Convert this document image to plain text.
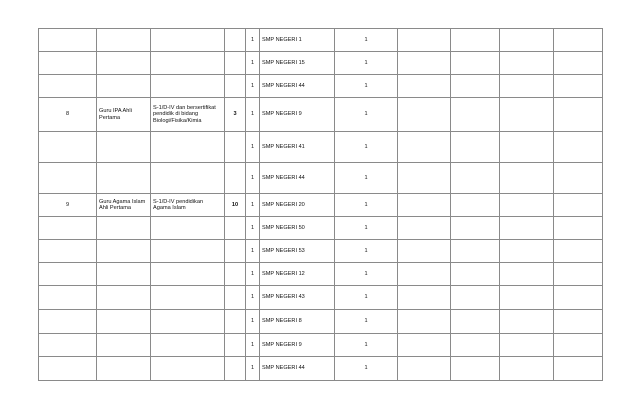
				1	SMP NEGERI 1	1				
				1	SMP NEGERI 15	1				
				1	SMP NEGERI 44	1				
8	Guru IPA Ahli Pertama	S-1/D-IV dan bersertifikat pendidik di bidang Biologi/Fisika/Kimia	3	1	SMP NEGERI 9	1				
				1	SMP NEGERI 41	1				
				1	SMP NEGERI 44	1				
9	Guru Agama Islam Ahli Pertama	S-1/D-IV pendidikan Agama Islam	10	1	SMP NEGERI 20	1				
				1	SMP NEGERI 50	1				
				1	SMP NEGERI 53	1				
				1	SMP NEGERI 12	1				
				1	SMP NEGERI 43	1				
				1	SMP NEGERI 8	1				
				1	SMP NEGERI 9	1				
				1	SMP NEGERI 44	1				
